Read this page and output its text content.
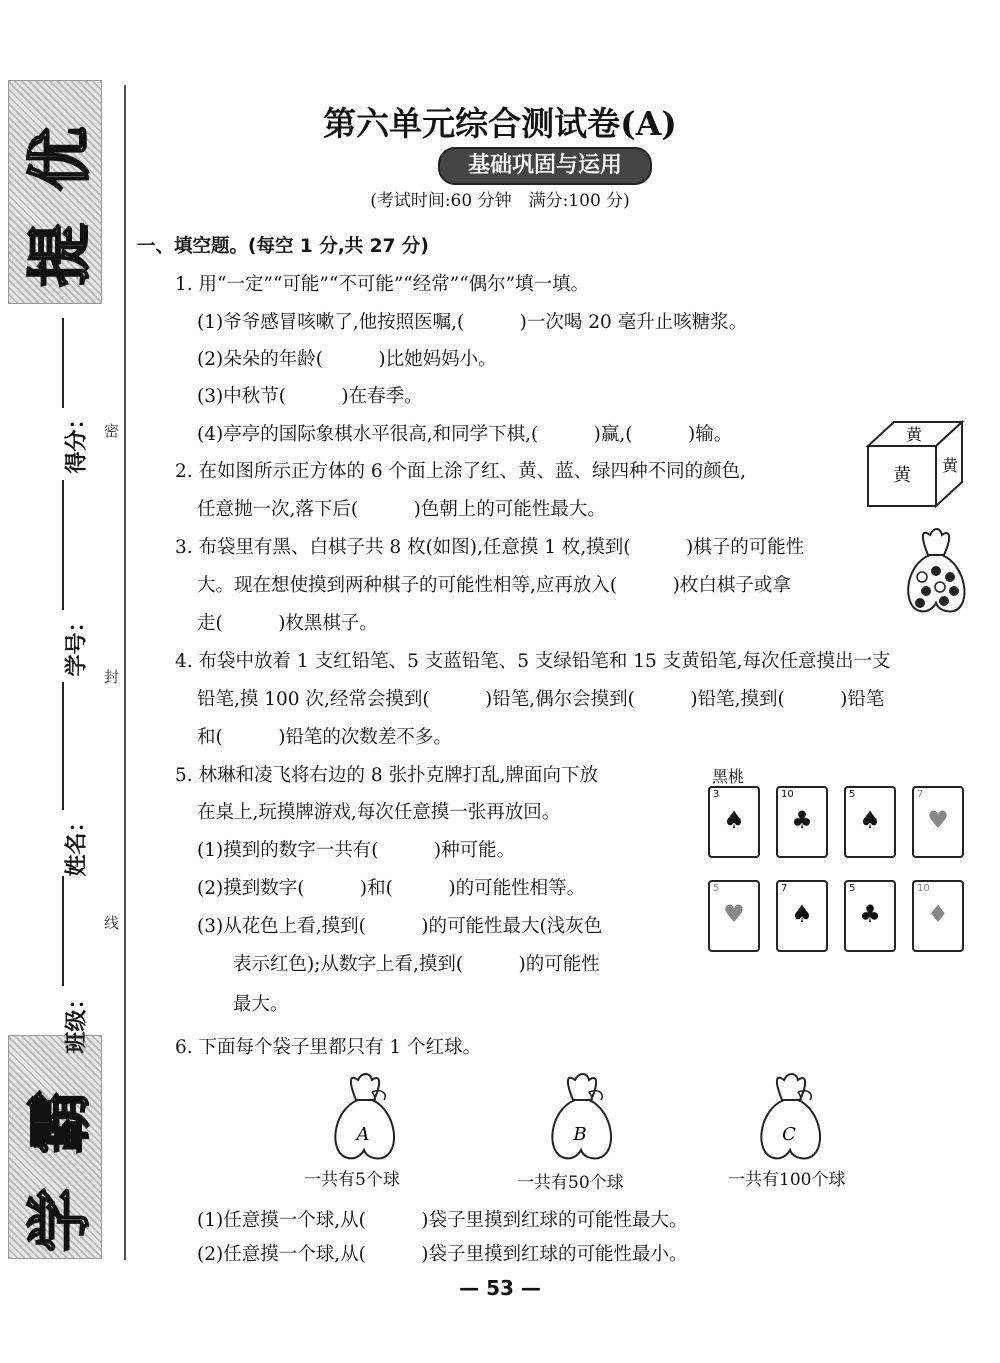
优
提
霸
学
得分：
学号：
姓名：
班级：
密
封
线
第六单元综合测试卷(A)
基础巩固与运用
(考试时间:60 分钟　满分:100 分)
一、填空题。(每空 1 分,共 27 分)
1. 用“一定”“可能”“不可能”“经常”“偶尔”填一填。
(1)爷爷感冒咳嗽了,他按照医嘱,(　　　)一次喝 20 毫升止咳糖浆。
(2)朵朵的年龄(　　　)比她妈妈小。
(3)中秋节(　　　)在春季。
(4)亭亭的国际象棋水平很高,和同学下棋,(　　　)赢,(　　　)输。	黄
黄 黄
2. 在如图所示正方体的 6 个面上涂了红、黄、蓝、绿四种不同的颜色,
任意抛一次,落下后(　　　)色朝上的可能性最大。
3. 布袋里有黑、白棋子共 8 枚(如图),任意摸 1 枚,摸到(　　　)棋子的可能性
大。现在想使摸到两种棋子的可能性相等,应再放入(　　　)枚白棋子或拿
走(　　　)枚黑棋子。
4. 布袋中放着 1 支红铅笔、5 支蓝铅笔、5 支绿铅笔和 15 支黄铅笔,每次任意摸出一支
铅笔,摸 100 次,经常会摸到(　　　)铅笔,偶尔会摸到(　　　)铅笔,摸到(　　　)铅笔
和(　　　)铅笔的次数差不多。
5. 林琳和凌飞将右边的 8 张扑克牌打乱,牌面向下放
在桌上,玩摸牌游戏,每次任意摸一张再放回。
(1)摸到的数字一共有(　　　)种可能。
(2)摸到数字(　　　)和(　　　)的可能性相等。
(3)从花色上看,摸到(　　　)的可能性最大(浅灰色
表示红色);从数字上看,摸到(　　　)的可能性
最大。
黑桃
3
♠
10
♣
5
♠
7
♥
5
♥
7
♠
5
♣
10
♦
6. 下面每个袋子里都只有 1 个红球。
A
一共有5个球
B
一共有50个球
C
一共有100个球
(1)任意摸一个球,从(　　　)袋子里摸到红球的可能性最大。
(2)任意摸一个球,从(　　　)袋子里摸到红球的可能性最小。
— 53 —
